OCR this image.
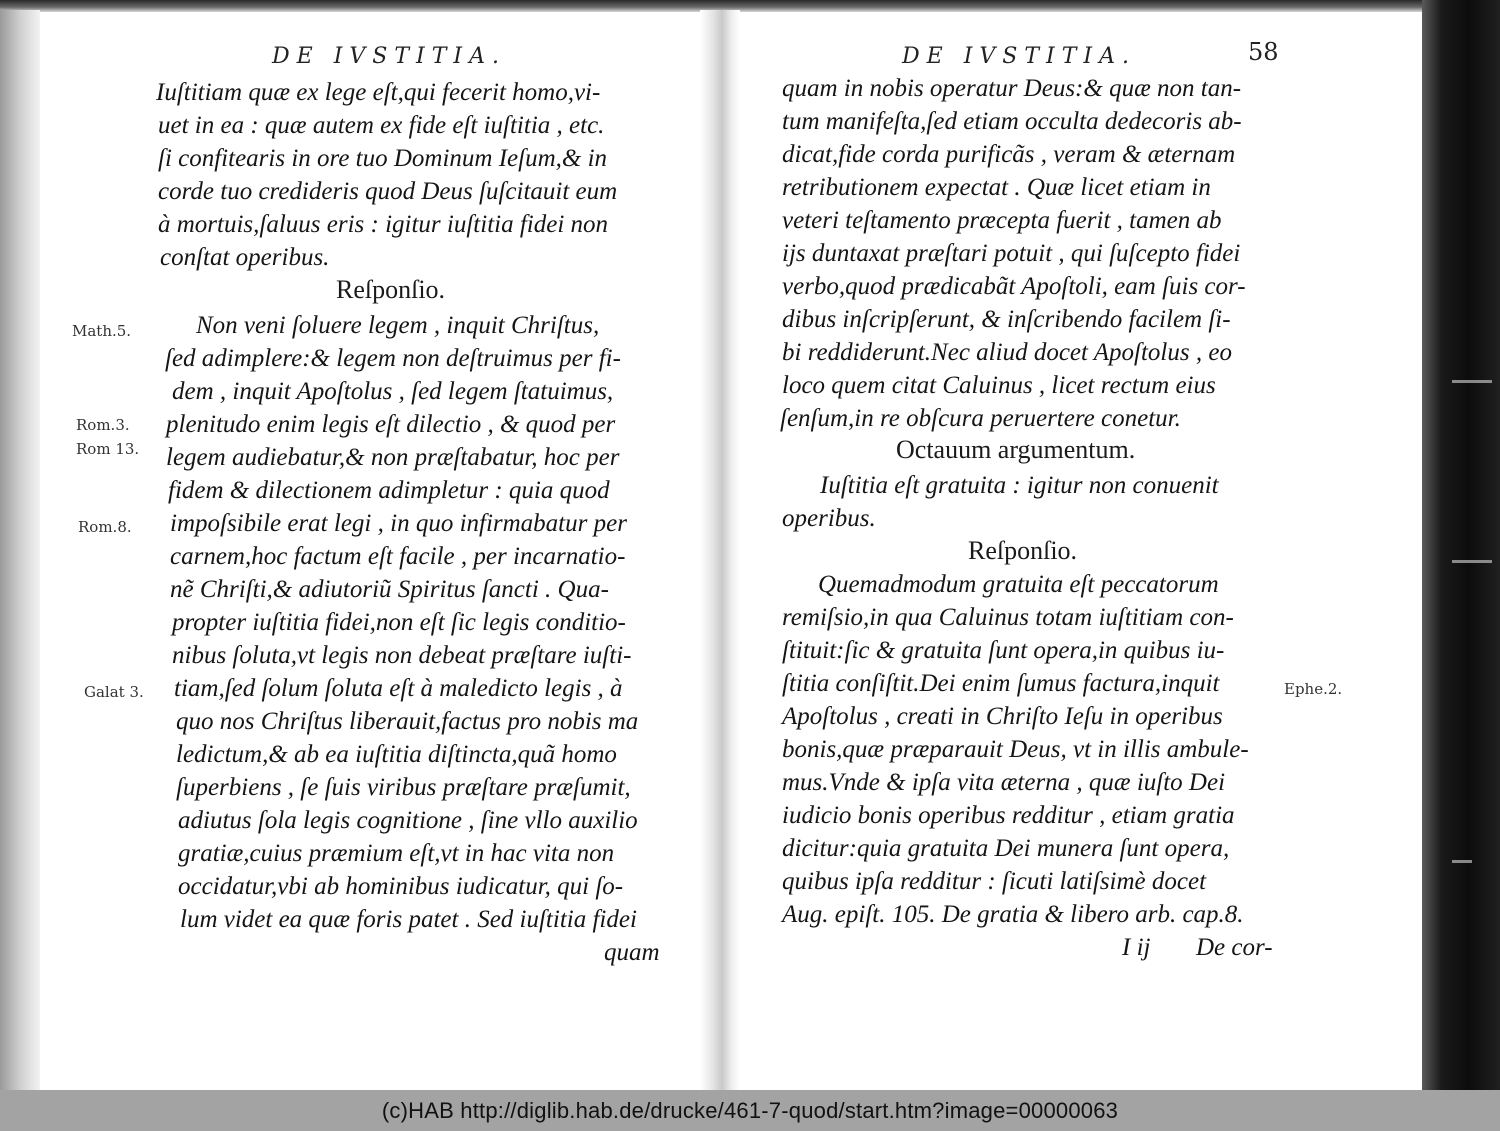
DE IVSTITIA.
Iuſtitiam quæ ex lege eſt,qui fecerit homo,vi-
uet in ea : quæ autem ex fide eſt iuſtitia , etc.
ſi confitearis in ore tuo Dominum Ieſum,& in
corde tuo credideris quod Deus ſuſcitauit eum
à mortuis,ſaluus eris : igitur iuſtitia fidei non
conſtat operibus.
Reſponſio.
Non veni ſoluere legem , inquit Chriſtus,
ſed adimplere:& legem non deſtruimus per fi-
dem , inquit Apoſtolus , ſed legem ſtatuimus,
plenitudo enim legis eſt dilectio , & quod per
legem audiebatur,& non præſtabatur, hoc per
fidem & dilectionem adimpletur : quia quod
impoſsibile erat legi , in quo infirmabatur per
carnem,hoc factum eſt facile , per incarnatio-
nẽ Chriſti,& adiutoriũ Spiritus ſancti . Qua-
propter iuſtitia fidei,non eſt ſic legis conditio-
nibus ſoluta,vt legis non debeat præſtare iuſti-
tiam,ſed ſolum ſoluta eſt à maledicto legis , à
quo nos Chriſtus liberauit,factus pro nobis ma
ledictum,& ab ea iuſtitia diſtincta,quã homo
ſuperbiens , ſe ſuis viribus præſtare præſumit,
adiutus ſola legis cognitione , ſine vllo auxilio
gratiæ,cuius præmium eſt,vt in hac vita non
occidatur,vbi ab hominibus iudicatur, qui ſo-
lum videt ea quæ foris patet . Sed iuſtitia fidei
quam
Math.5.
Rom.3.
Rom 13.
Rom.8.
Galat 3.
DE IVSTITIA.	58
quam in nobis operatur Deus:& quæ non tan-
tum manifeſta,ſed etiam occulta dedecoris ab-
dicat,fide corda purificãs , veram & æternam
retributionem expectat . Quæ licet etiam in
veteri teſtamento præcepta fuerit , tamen ab
ijs duntaxat præſtari potuit , qui ſuſcepto fidei
verbo,quod prædicabãt Apoſtoli, eam ſuis cor-
dibus inſcripſerunt, & inſcribendo facilem ſi-
bi reddiderunt.Nec aliud docet Apoſtolus , eo
loco quem citat Caluinus , licet rectum eius
ſenſum,in re obſcura peruertere conetur.
Octauum argumentum.
Iuſtitia eſt gratuita : igitur non conuenit
operibus.
Reſponſio.
Quemadmodum gratuita eſt peccatorum
remiſsio,in qua Caluinus totam iuſtitiam con-
ſtituit:ſic & gratuita ſunt opera,in quibus iu-
ſtitia conſiſtit.Dei enim ſumus factura,inquit
Apoſtolus , creati in Chriſto Ieſu in operibus
bonis,quæ præparauit Deus, vt in illis ambule-
mus.Vnde & ipſa vita æterna , quæ iuſto Dei
iudicio bonis operibus redditur , etiam gratia
dicitur:quia gratuita Dei munera ſunt opera,
quibus ipſa redditur : ſicuti latiſsimè docet
Aug. epiſt. 105. De gratia & libero arb. cap.8.
I ij De cor-
Ephe.2.
(c)HAB http://diglib.hab.de/drucke/461-7-quod/start.htm?image=00000063
